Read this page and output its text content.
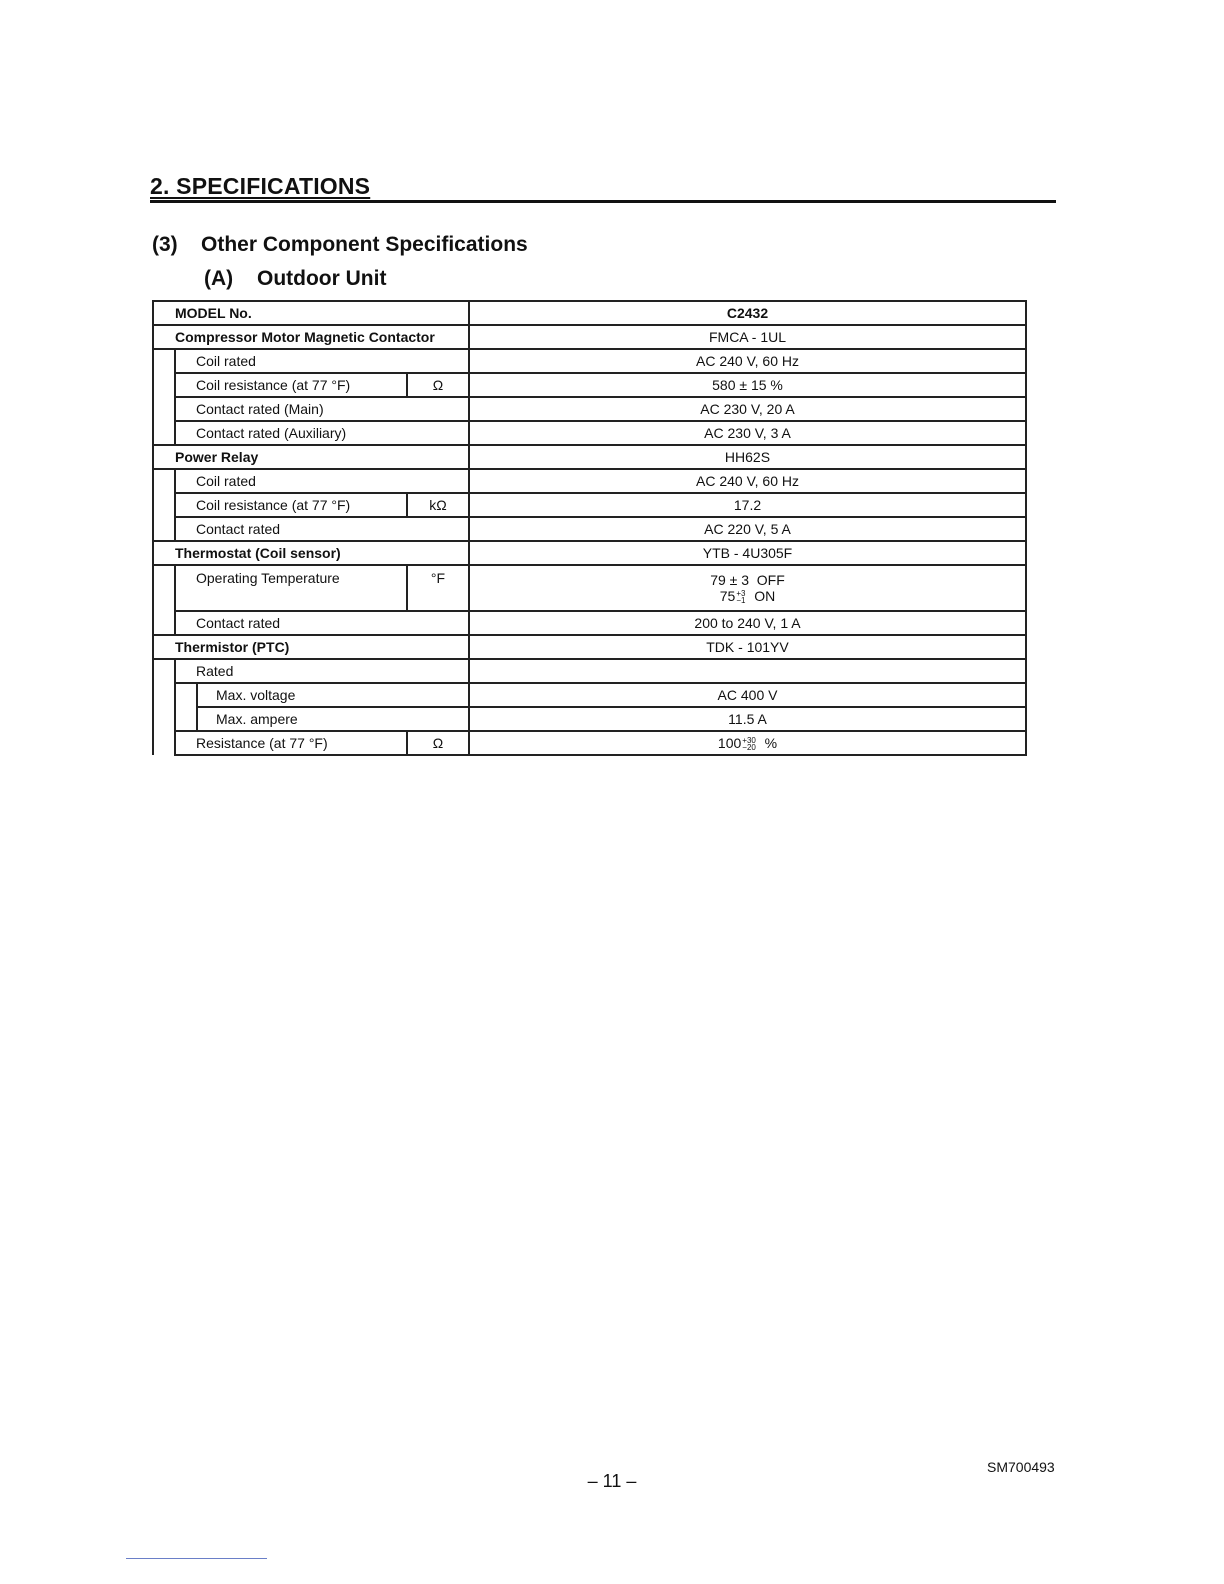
2. SPECIFICATIONS
(3) Other Component Specifications
(A) Outdoor Unit
MODEL No.				C2432
Compressor Motor Magnetic Contactor				FMCA - 1UL
	Coil rated			AC 240 V, 60 Hz
	Coil resistance (at 77 °F)		Ω	580 ± 15 %
	Contact rated (Main)			AC 230 V, 20 A
	Contact rated (Auxiliary)			AC 230 V, 3 A
Power Relay				HH62S
	Coil rated			AC 240 V, 60 Hz
	Coil resistance (at 77 °F)		kΩ	17.2
	Contact rated			AC 220 V, 5 A
Thermostat (Coil sensor)				YTB - 4U305F
	Operating Temperature		°F	79 ± 3 OFF
75 +3
−1 ON

	Contact rated			200 to 240 V, 1 A
Thermistor (PTC)				TDK - 101YV
	Rated			
		Max. voltage		AC 400 V
		Max. ampere		11.5 A
	Resistance (at 77 °F)		Ω	100 +30
−20 %
SM700493
– 11 –
